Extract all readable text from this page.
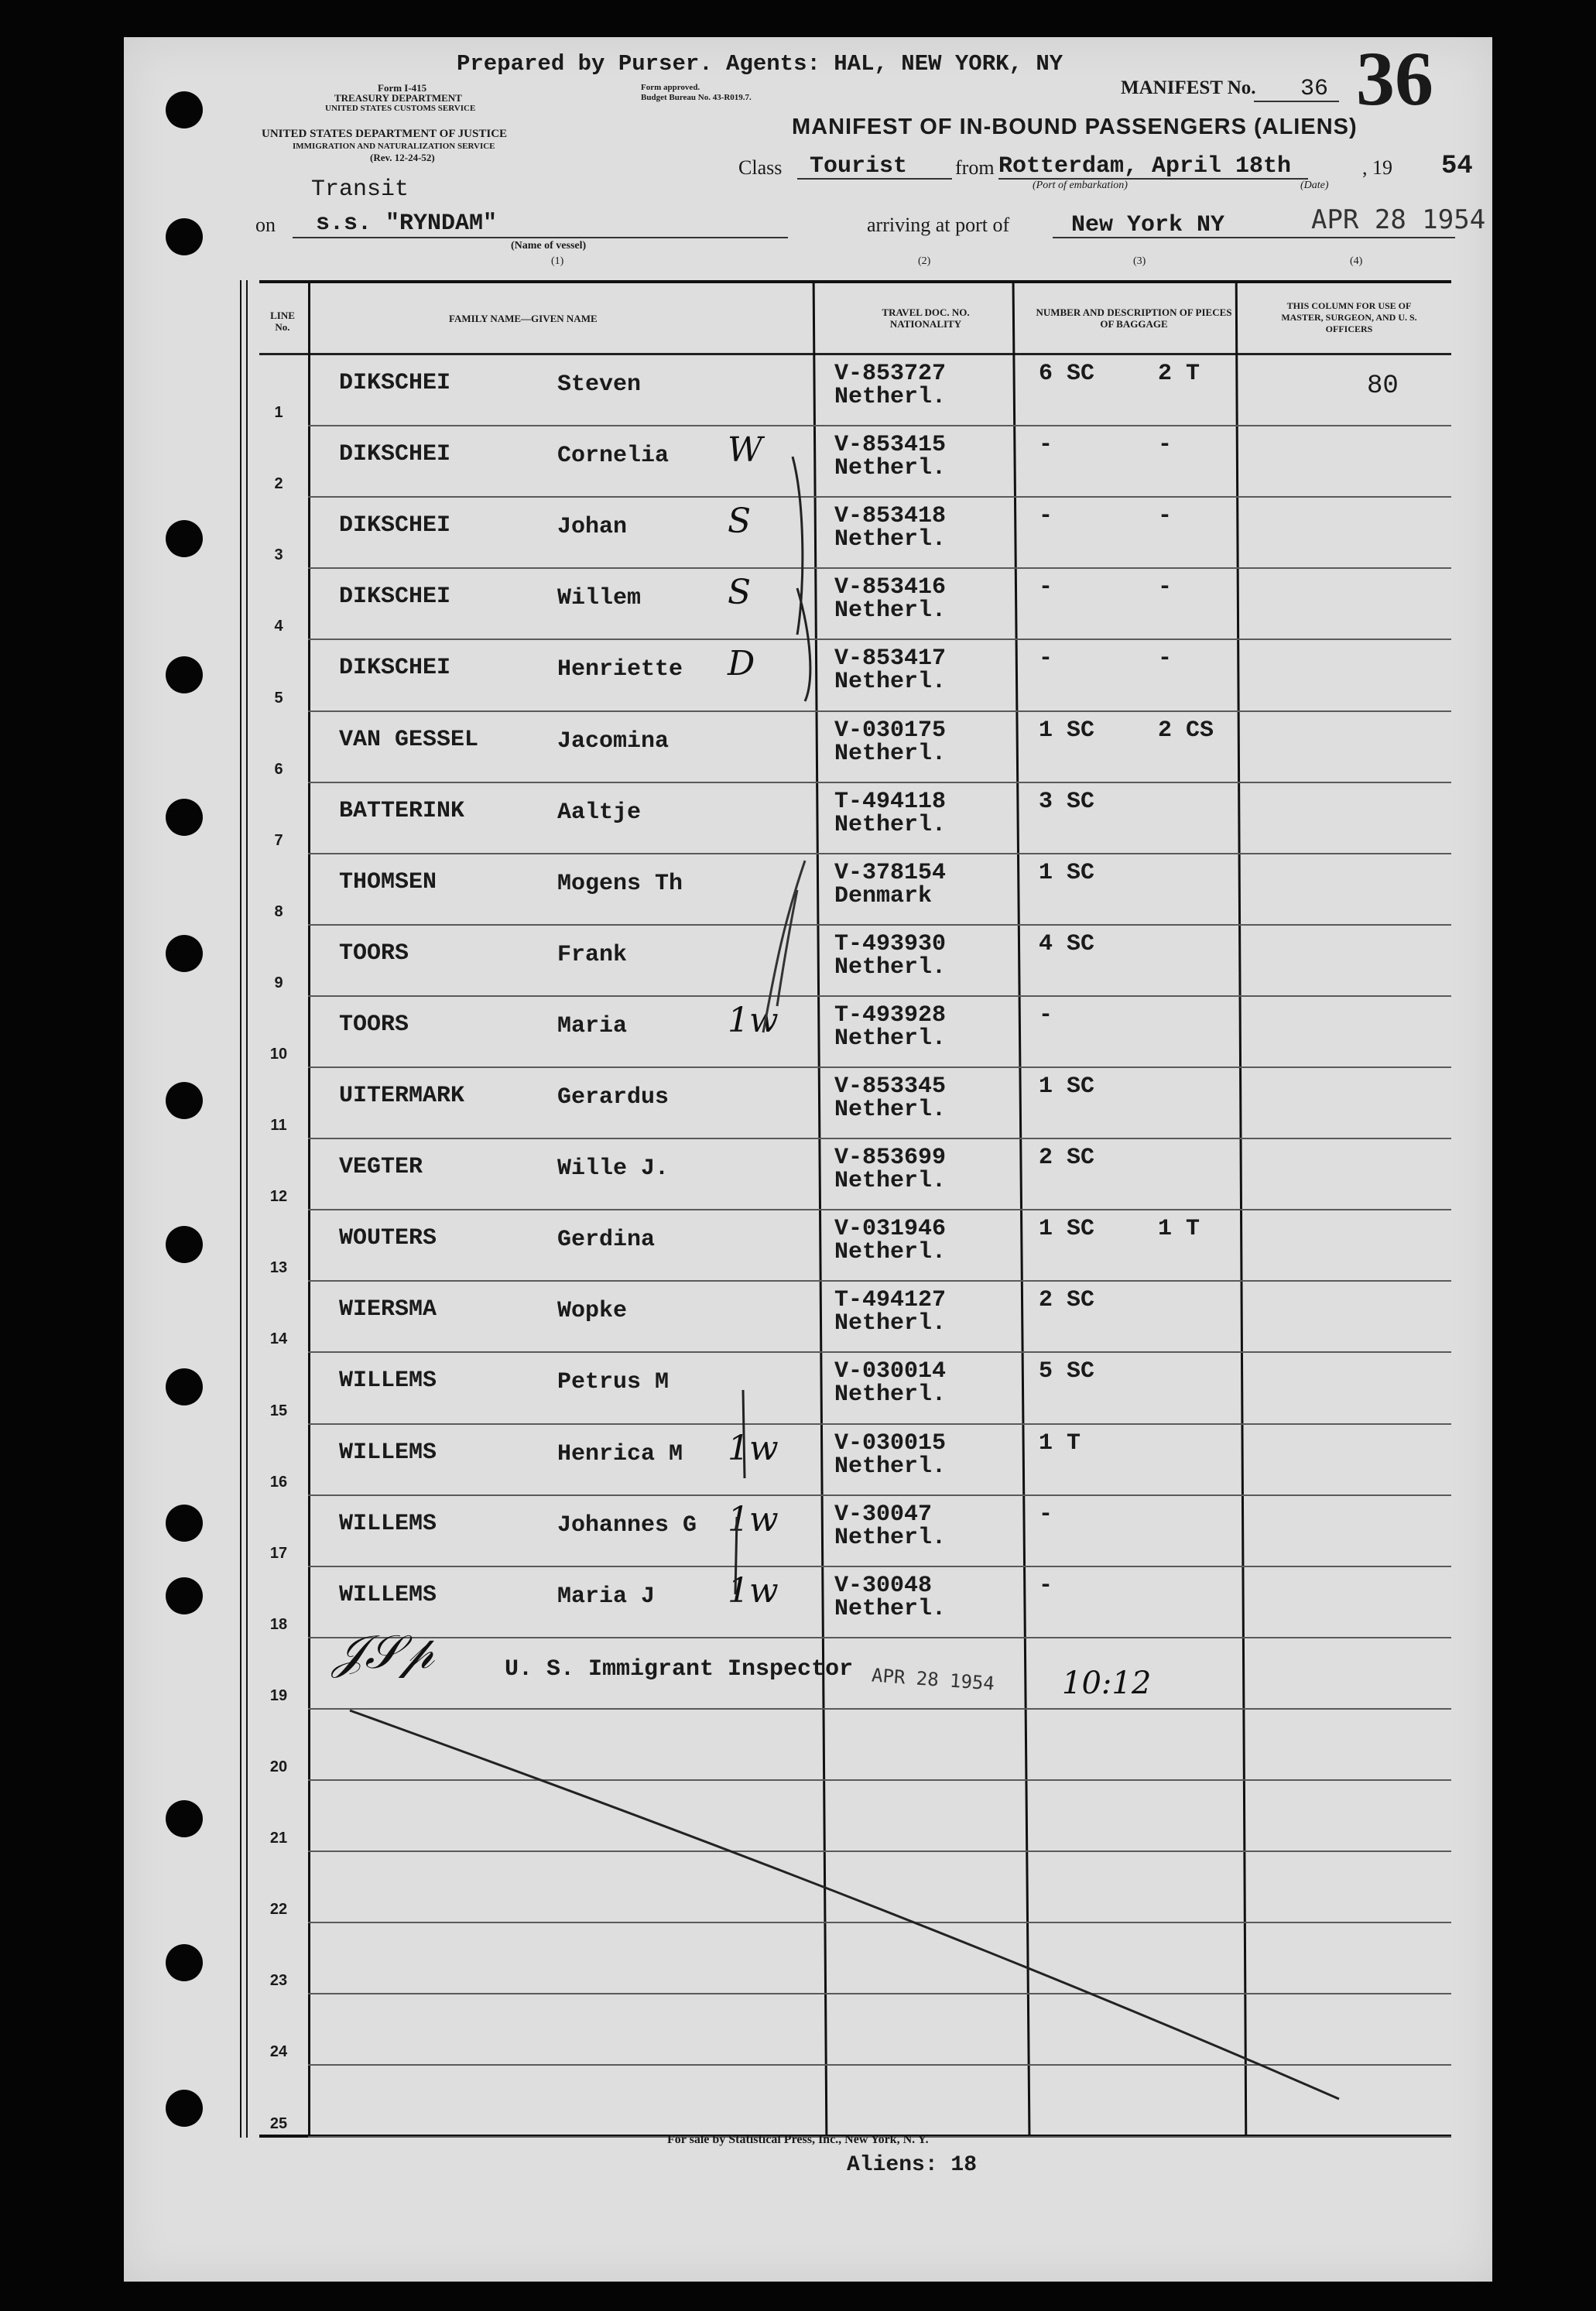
Prepared by Purser. Agents: HAL, NEW YORK, NY
Form I-415
TREASURY DEPARTMENT
UNITED STATES CUSTOMS SERVICE
Form approved.
Budget Bureau No. 43-R019.7.	MANIFEST No. 36 36
UNITED STATES DEPARTMENT OF JUSTICE
IMMIGRATION AND NATURALIZATION SERVICE
(Rev. 12-24-52)
MANIFEST OF IN-BOUND PASSENGERS (ALIENS)
Class Tourist from Rotterdam, April 18th	, 19 54
(Port of embarkation)	(Date)
Transit
on s.s. "RYNDAM"
(Name of vessel)
arriving at port of	New York NY	APR 28 1954
(1)	(2)	(3)	(4)
LINE No.
FAMILY NAME—GIVEN NAME
TRAVEL DOC. NO. NATIONALITY
NUMBER AND DESCRIPTION OF PIECES OF BAGGAGE
THIS COLUMN FOR USE OF MASTER, SURGEON, AND U. S. OFFICERS
1
DIKSCHEI	Steven	V-853727
Netherl.
6 SC	2 T	80
2
DIKSCHEI	Cornelia	V-853415
Netherl.
-	-
W
3
DIKSCHEI	Johan	V-853418
Netherl.
-	-
S
4
DIKSCHEI	Willem	V-853416
Netherl.
-	-
S
5
DIKSCHEI	Henriette	V-853417
Netherl.
-	-
D
6
VAN GESSEL	Jacomina	V-030175
Netherl.
1 SC	2 CS
7
BATTERINK	Aaltje	T-494118
Netherl.
3 SC
8
THOMSEN	Mogens Th	V-378154
Denmark
1 SC
9
TOORS	Frank	T-493930
Netherl.
4 SC
10
TOORS	Maria	T-493928
Netherl.
-
1w
11
UITERMARK	Gerardus	V-853345
Netherl.
1 SC
12
VEGTER	Wille J.	V-853699
Netherl.
2 SC
13
WOUTERS	Gerdina	V-031946
Netherl.
1 SC	1 T
14
WIERSMA	Wopke	T-494127
Netherl.
2 SC
15
WILLEMS	Petrus M	V-030014
Netherl.
5 SC
16
WILLEMS	Henrica M	V-030015
Netherl.
1 T
1w
17
WILLEMS	Johannes G	V-30047
Netherl.
-
1w
18
WILLEMS	Maria J	V-30048
Netherl.
-
1w
19
20
21
22
23
24
25
𝒥𝒮𝓅	U. S. Immigrant Inspector APR 28 1954 10:12
For sale by Statistical Press, Inc., New York, N. Y.
Aliens: 18
